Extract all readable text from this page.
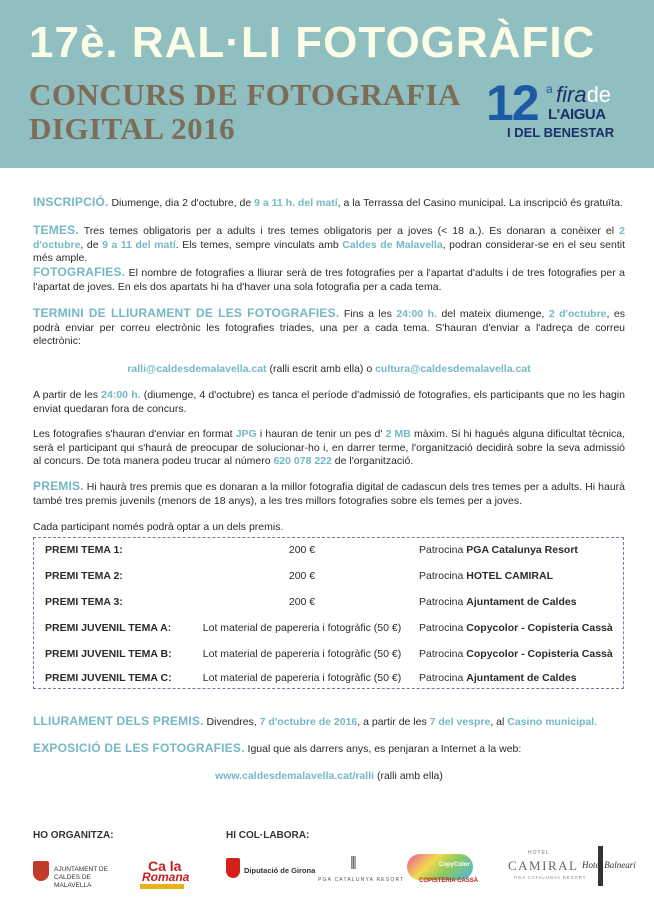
17è. RAL·LI FOTOGRÀFIC
CONCURS DE FOTOGRAFIA
DIGITAL 2016	12 a firade
L'AIGUA
I DEL BENESTAR

INSCRIPCIÓ. Diumenge, dia 2 d'octubre, de 9 a 11 h. del matí, a la Terrassa del Casino municipal. La inscripció és gratuïta.

TEMES. Tres temes obligatoris per a adults i tres temes obligatoris per a joves (< 18 a.). Es donaran a conèixer el 2 d'octubre, de 9 a 11 del matí. Els temes, sempre vinculats amb Caldes de Malavella, podran considerar-se en el seu sentit més ample.

FOTOGRAFIES. El nombre de fotografies a lliurar serà de tres fotografies per a l'apartat d'adults i de tres fotografies per a l'apartat de joves. En els dos apartats hi ha d'haver una sola fotografia per a cada tema.

TERMINI DE LLIURAMENT DE LES FOTOGRAFIES. Fins a les 24:00 h. del mateix diumenge, 2 d'octubre, es podrà enviar per correu electrònic les fotografies triades, una per a cada tema. S'hauran d'enviar a l'adreça de correu electrònic:

ralli@caldesdemalavella.cat (ralli escrit amb ella) o cultura@caldesdemalavella.cat

A partir de les 24:00 h. (diumenge, 4 d'octubre) es tanca el període d'admissió de fotografies, els participants que no les hagin enviat quedaran fora de concurs.

Les fotografies s'hauran d'enviar en format JPG i hauran de tenir un pes d' 2 MB màxim. Si hi hagués alguna dificultat tècnica, serà el participant qui s'haurà de preocupar de solucionar-ho i, en darrer terme, l'organització decidirà sobre la seva admissió al concurs. De tota manera podeu trucar al número 620 078 222 de l'organització.

PREMIS. Hi haurà tres premis que es donaran a la millor fotografia digital de cadascun dels tres temes per a adults. Hi haurà també tres premis juvenils (menors de 18 anys), a les tres millors fotografies sobre els temes per a joves.

Cada participant només podrà optar a un dels premis.

PREMI TEMA 1:	200 €	Patrocina PGA Catalunya Resort
PREMI TEMA 2:	200 €	Patrocina HOTEL CAMIRAL
PREMI TEMA 3:	200 €	Patrocina Ajuntament de Caldes
PREMI JUVENIL TEMA A:	Lot material de papereria i fotogràfic (50 €)	Patrocina Copycolor - Copisteria Cassà
PREMI JUVENIL TEMA B:	Lot material de papereria i fotogràfic (50 €)	Patrocina Copycolor - Copisteria Cassà
PREMI JUVENIL TEMA C:	Lot material de papereria i fotogràfic (50 €)	Patrocina Ajuntament de Caldes

LLIURAMENT DELS PREMIS. Divendres, 7 d'octubre de 2016, a partir de les 7 del vespre, al Casino municipal.

EXPOSICIÓ DE LES FOTOGRAFIES. Igual que als darrers anys, es penjaran a Internet a la web:

www.caldesdemalavella.cat/ralli (ralli amb ella)

HO ORGANITZA:	HI COL·LABORA:
AJUNTAMENT DE
CALDES DE MALAVELLA
Ca la
Romana	Diputació de Girona
|||
PGA CATALUNYA RESORT
CopyColor
COPISTERIA CASSÀ
HOTEL
CAMIRAL
PGA CATALUNYA RESORT
Hotel Balneari
